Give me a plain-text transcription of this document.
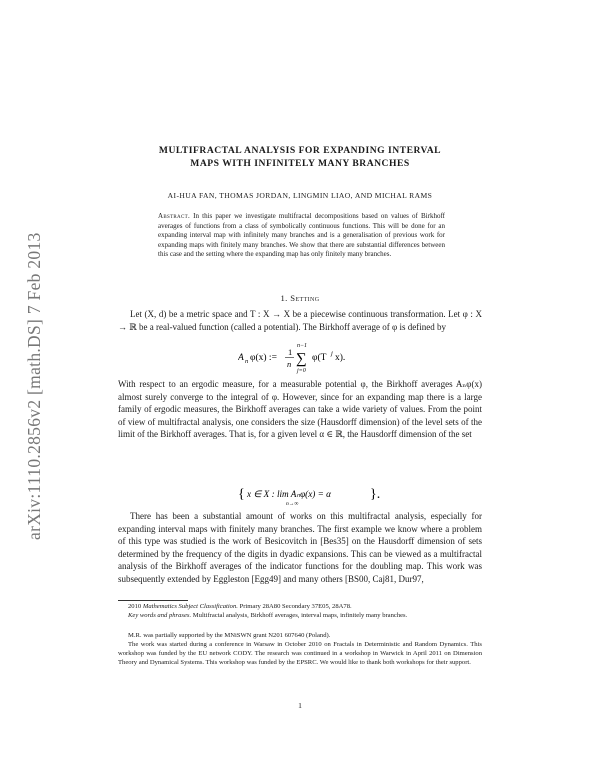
arXiv:1110.2856v2 [math.DS] 7 Feb 2013
MULTIFRACTAL ANALYSIS FOR EXPANDING INTERVAL
MAPS WITH INFINITELY MANY BRANCHES
AI-HUA FAN, THOMAS JORDAN, LINGMIN LIAO, AND MICHAL RAMS
Abstract. In this paper we investigate multifractal decompositions based on values of Birkhoff averages of functions from a class of symbolically continuous functions. This will be done for an expanding interval map with infinitely many branches and is a generalisation of previous work for expanding maps with finitely many branches. We show that there are substantial differences between this case and the setting where the expanding map has only finitely many branches.
1. Setting

Let (X, d) be a metric space and T : X → X be a piecewise continuous transformation. Let φ : X → ℝ be a real-valued function (called a potential). The Birkhoff average of φ is defined by

A n φ(x) :=
1
n
n−1
∑
j=0
φ(T j x).

With respect to an ergodic measure, for a measurable potential φ, the Birkhoff averages Aₙφ(x) almost surely converge to the integral of φ. However, since for an expanding map there is a large family of ergodic measures, the Birkhoff averages can take a wide variety of values. From the point of view of multifractal analysis, one considers the size (Hausdorff dimension) of the level sets of the limit of the Birkhoff averages. That is, for a given level α ∈ ℝ, the Hausdorff dimension of the set

{ x ∈ X : lim Aₙφ(x) = α
n→∞
}.

There has been a substantial amount of works on this multifractal analysis, especially for expanding interval maps with finitely many branches. The first example we know where a problem of this type was studied is the work of Besicovitch in [Bes35] on the Hausdorff dimension of sets determined by the frequency of the digits in dyadic expansions. This can be viewed as a multifractal analysis of the Birkhoff averages of the indicator functions for the doubling map. This work was subsequently extended by Eggleston [Egg49] and many others [BS00, Caj81, Dur97,

2010 Mathematics Subject Classification. Primary 28A80 Secondary 37E05, 28A78.

Key words and phrases. Multifractal analysis, Birkhoff averages, interval maps, infinitely many branches.

M.R. was partially supported by the MNiSWN grant N201 607640 (Poland).

The work was started during a conference in Warsaw in October 2010 on Fractals in Deterministic and Random Dynamics. This workshop was funded by the EU network CODY. The research was continued in a workshop in Warwick in April 2011 on Dimension Theory and Dynamical Systems. This workshop was funded by the EPSRC. We would like to thank both workshops for their support.

1
